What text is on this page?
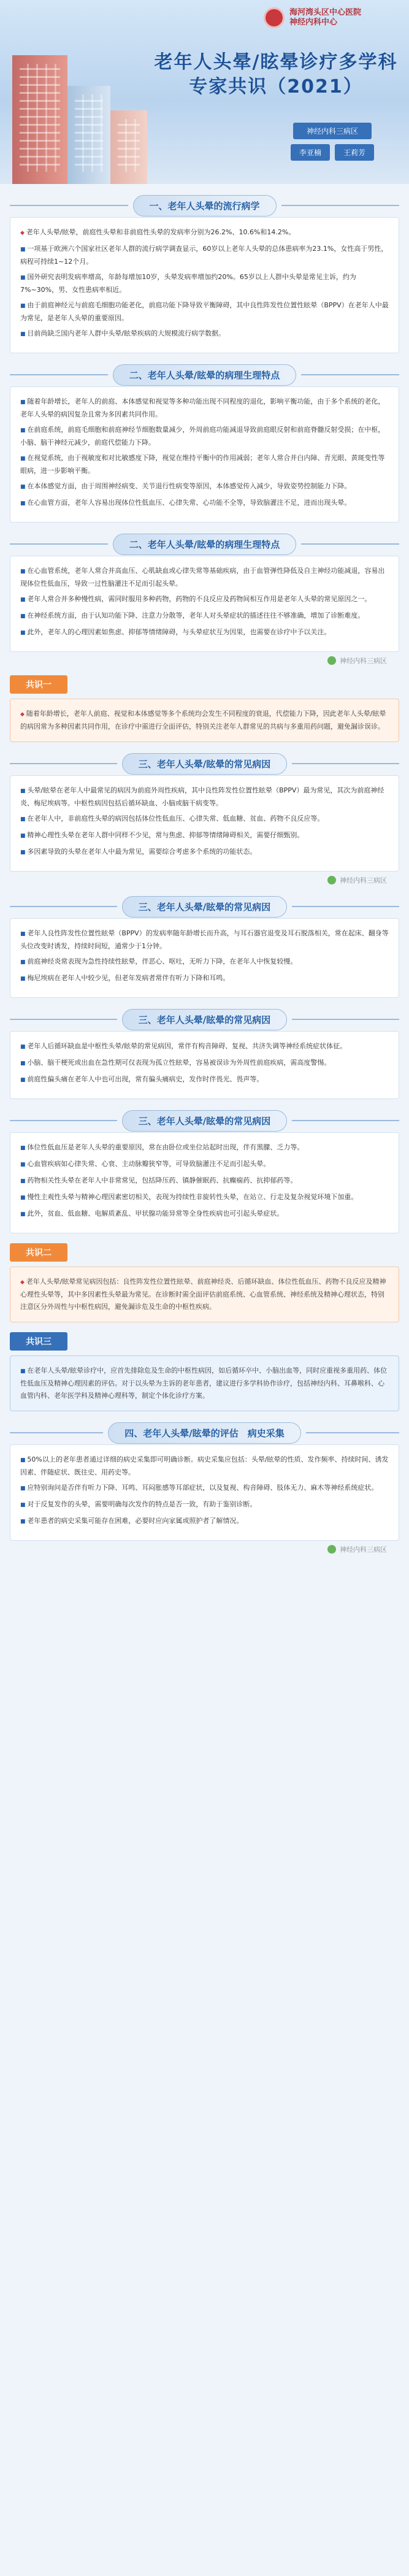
海河湾头区中心医院
神经内科中心
老年人头晕/眩晕诊疗多学科
专家共识（2021）
神经内科三病区
李亚楠	王莉芳
一、老年人头晕的流行病学

◆ 老年人头晕/眩晕，前庭性头晕和非前庭性头晕的发病率分别为26.2%、10.6%和14.2%。

■ 一项基于欧洲六个国家社区老年人群的流行病学调查显示，60岁以上老年人头晕的总体患病率为23.1%，女性高于男性，病程可持续1~12个月。

■ 国外研究表明发病率增高，年龄每增加10岁，头晕发病率增加约20%。65岁以上人群中头晕是常见主诉，约为7%~30%，男、女性患病率相近。

■ 由于前庭神经元与前庭毛细胞功能老化，前庭功能下降导致平衡障碍，其中良性阵发性位置性眩晕（BPPV）在老年人中最为常见，是老年人头晕的重要原因。

■ 目前尚缺乏国内老年人群中头晕/眩晕疾病的大规模流行病学数据。

二、老年人头晕/眩晕的病理生理特点

■ 随着年龄增长，老年人的前庭、本体感觉和视觉等多种功能出现不同程度的退化，影响平衡功能，由于多个系统的老化，老年人头晕的病因复杂且常为多因素共同作用。

■ 在前庭系统，前庭毛细胞和前庭神经节细胞数量减少，外周前庭功能减退导致前庭眼反射和前庭脊髓反射受损；在中枢，小脑、脑干神经元减少，前庭代偿能力下降。

■ 在视觉系统，由于视敏度和对比敏感度下降，视觉在维持平衡中的作用减弱；老年人常合并白内障、青光眼、黄斑变性等眼病，进一步影响平衡。

■ 在本体感觉方面，由于周围神经病变、关节退行性病变等原因，本体感觉传入减少，导致姿势控制能力下降。

■ 在心血管方面，老年人容易出现体位性低血压、心律失常、心功能不全等，导致脑灌注不足，进而出现头晕。

二、老年人头晕/眩晕的病理生理特点

■ 在心血管系统，老年人常合并高血压、心肌缺血或心律失常等基础疾病，由于血管弹性降低及自主神经功能减退，容易出现体位性低血压，导致一过性脑灌注不足而引起头晕。

■ 老年人常合并多种慢性病，需同时服用多种药物，药物的不良反应及药物间相互作用是老年人头晕的常见原因之一。

■ 在神经系统方面，由于认知功能下降、注意力分散等，老年人对头晕症状的描述往往不够准确，增加了诊断难度。

■ 此外，老年人的心理因素如焦虑、抑郁等情绪障碍，与头晕症状互为因果，也需要在诊疗中予以关注。

神经内科三病区
共识一

◆ 随着年龄增长，老年人前庭、视觉和本体感觉等多个系统均会发生不同程度的衰退，代偿能力下降，因此老年人头晕/眩晕的病因常为多种因素共同作用，在诊疗中需进行全面评估，特别关注老年人群常见的共病与多重用药问题，避免漏诊误诊。

三、老年人头晕/眩晕的常见病因

■ 头晕/眩晕在老年人中最常见的病因为前庭外周性疾病，其中良性阵发性位置性眩晕（BPPV）最为常见，其次为前庭神经炎、梅尼埃病等。中枢性病因包括后循环缺血、小脑或脑干病变等。

■ 在老年人中，非前庭性头晕的病因包括体位性低血压、心律失常、低血糖、贫血、药物不良反应等。

■ 精神心理性头晕在老年人群中同样不少见，常与焦虑、抑郁等情绪障碍相关，需要仔细甄别。

■ 多因素导致的头晕在老年人中最为常见，需要综合考虑多个系统的功能状态。

神经内科三病区
三、老年人头晕/眩晕的常见病因

■ 老年人良性阵发性位置性眩晕（BPPV）的发病率随年龄增长而升高，与耳石器官退变及耳石脱落相关，常在起床、翻身等头位改变时诱发，持续时间短，通常少于1分钟。

■ 前庭神经炎常表现为急性持续性眩晕，伴恶心、呕吐，无听力下降，在老年人中恢复较慢。

■ 梅尼埃病在老年人中较少见，但老年发病者常伴有听力下降和耳鸣。

三、老年人头晕/眩晕的常见病因

■ 老年人后循环缺血是中枢性头晕/眩晕的常见病因，常伴有构音障碍、复视、共济失调等神经系统症状体征。

■ 小脑、脑干梗死或出血在急性期可仅表现为孤立性眩晕，容易被误诊为外周性前庭疾病，需高度警惕。

■ 前庭性偏头痛在老年人中也可出现，常有偏头痛病史，发作时伴畏光、畏声等。

三、老年人头晕/眩晕的常见病因

■ 体位性低血压是老年人头晕的重要原因，常在由卧位或坐位站起时出现，伴有黑朦、乏力等。

■ 心血管疾病如心律失常、心衰、主动脉瓣狭窄等，可导致脑灌注不足而引起头晕。

■ 药物相关性头晕在老年人中非常常见，包括降压药、镇静催眠药、抗癫痫药、抗抑郁药等。

■ 慢性主观性头晕与精神心理因素密切相关，表现为持续性非旋转性头晕，在站立、行走及复杂视觉环境下加重。

■ 此外，贫血、低血糖、电解质紊乱、甲状腺功能异常等全身性疾病也可引起头晕症状。

共识二

◆ 老年人头晕/眩晕常见病因包括：良性阵发性位置性眩晕、前庭神经炎、后循环缺血、体位性低血压、药物不良反应及精神心理性头晕等，其中多因素性头晕最为常见。在诊断时需全面评估前庭系统、心血管系统、神经系统及精神心理状态，特别注意区分外周性与中枢性病因，避免漏诊危及生命的中枢性疾病。

共识三

■ 在老年人头晕/眩晕诊疗中，应首先排除危及生命的中枢性病因，如后循环卒中、小脑出血等，同时应重视多重用药、体位性低血压及精神心理因素的评估。对于以头晕为主诉的老年患者，建议进行多学科协作诊疗，包括神经内科、耳鼻喉科、心血管内科、老年医学科及精神心理科等，制定个体化诊疗方案。

四、老年人头晕/眩晕的评估　病史采集

■ 50%以上的老年患者通过详细的病史采集即可明确诊断。病史采集应包括：头晕/眩晕的性质、发作频率、持续时间、诱发因素、伴随症状、既往史、用药史等。

■ 应特别询问是否伴有听力下降、耳鸣、耳闷胀感等耳部症状，以及复视、构音障碍、肢体无力、麻木等神经系统症状。

■ 对于反复发作的头晕，需要明确每次发作的特点是否一致，有助于鉴别诊断。

■ 老年患者的病史采集可能存在困难，必要时应向家属或照护者了解情况。

神经内科三病区
